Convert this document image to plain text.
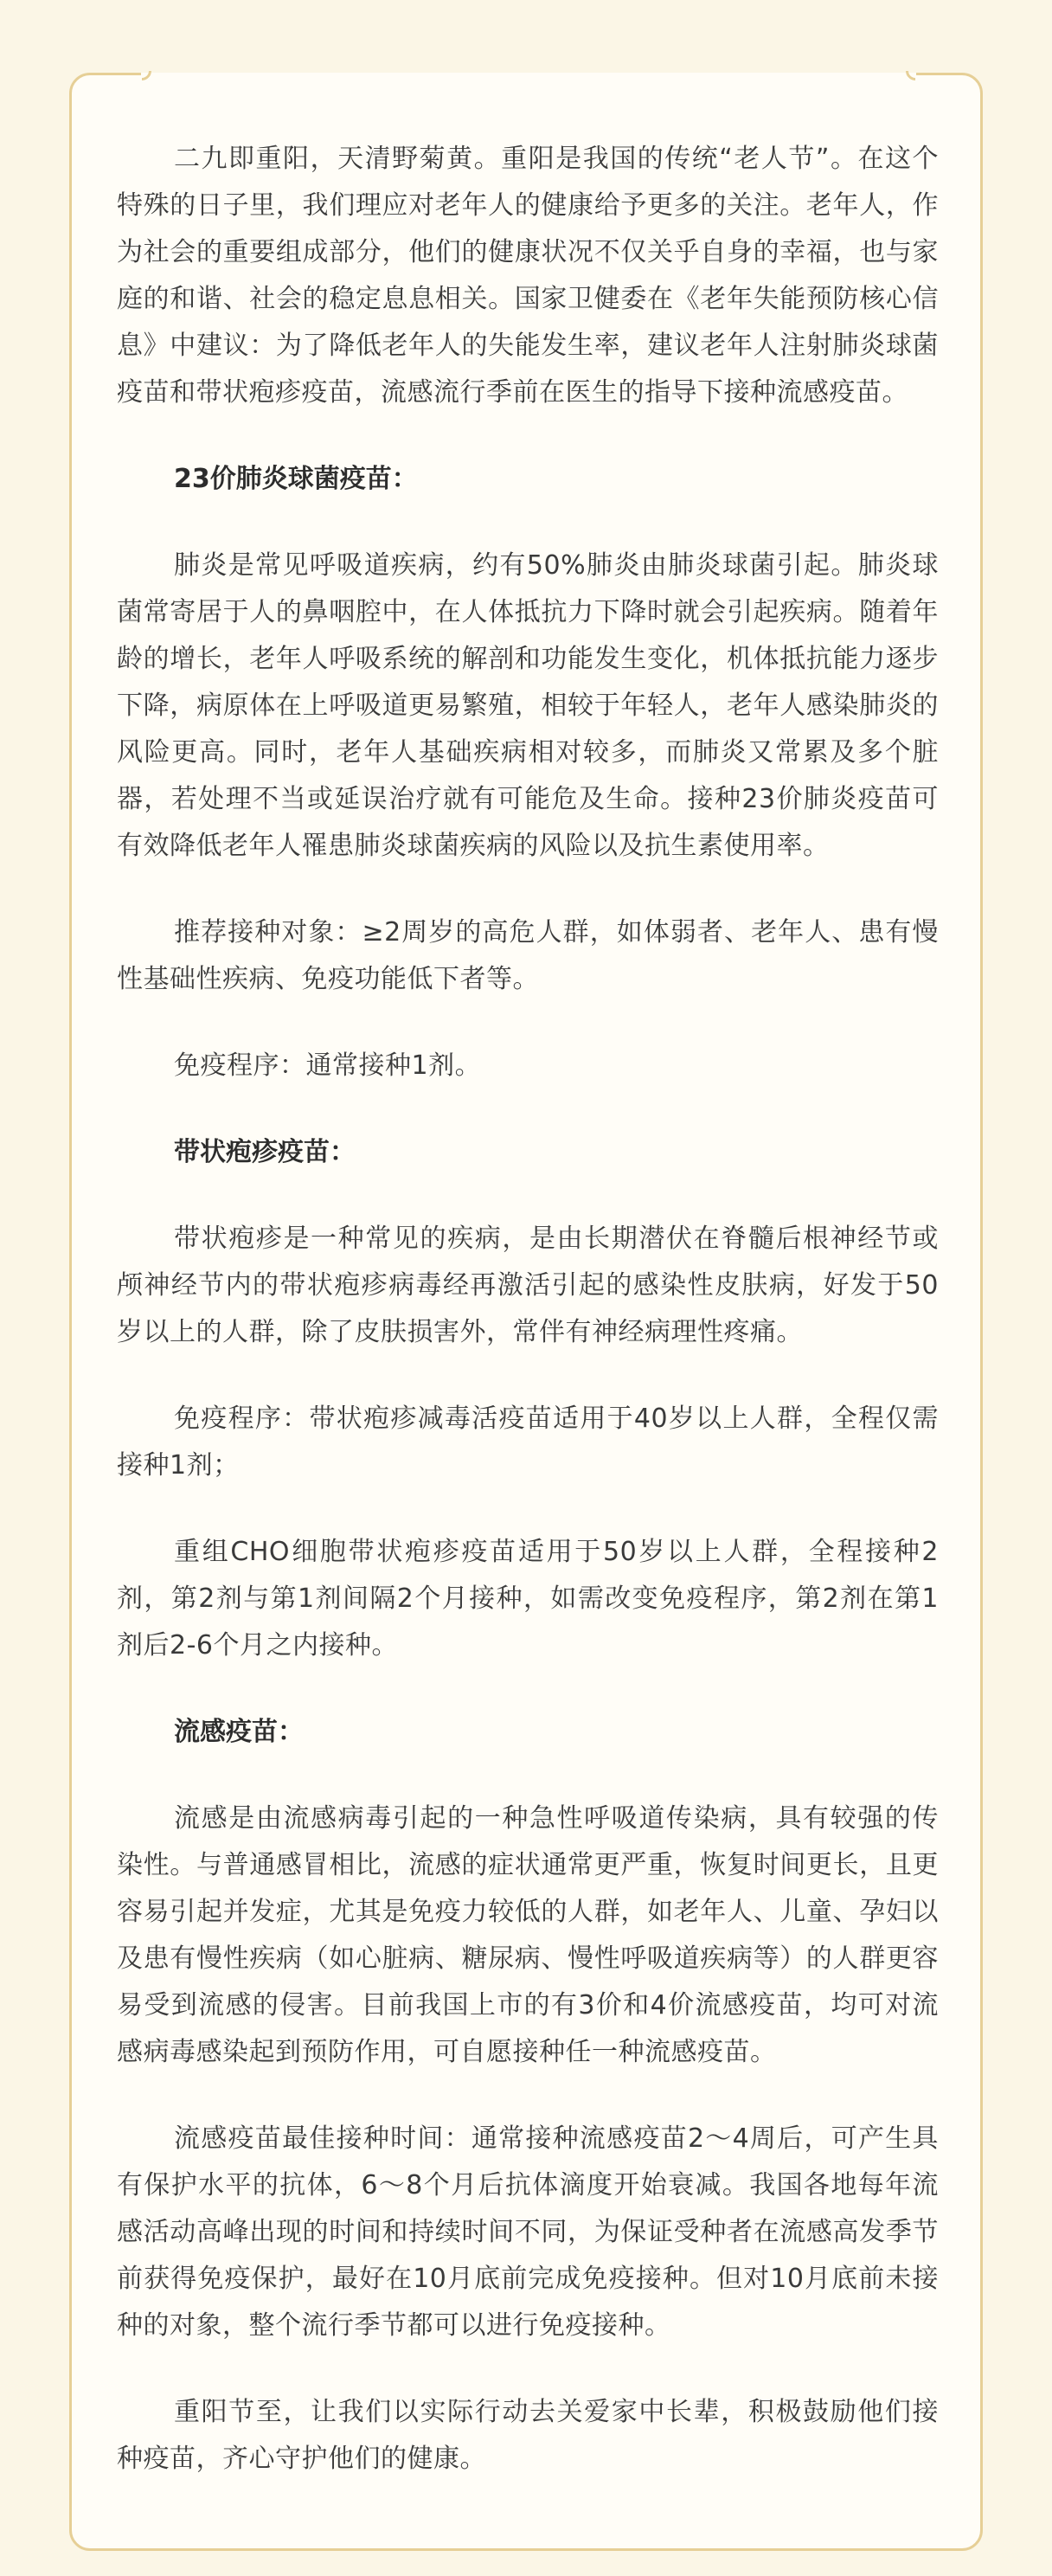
二九即重阳，天清野菊黄。重阳是我国的传统“老人节”。在这个特殊的日子里，我们理应对老年人的健康给予更多的关注。老年人，作为社会的重要组成部分，他们的健康状况不仅关乎自身的幸福，也与家庭的和谐、社会的稳定息息相关。国家卫健委在《老年失能预防核心信息》中建议：为了降低老年人的失能发生率，建议老年人注射肺炎球菌疫苗和带状疱疹疫苗，流感流行季前在医生的指导下接种流感疫苗。

23价肺炎球菌疫苗：

肺炎是常见呼吸道疾病，约有50%肺炎由肺炎球菌引起。肺炎球菌常寄居于人的鼻咽腔中，在人体抵抗力下降时就会引起疾病。随着年龄的增长，老年人呼吸系统的解剖和功能发生变化，机体抵抗能力逐步下降，病原体在上呼吸道更易繁殖，相较于年轻人，老年人感染肺炎的风险更高。同时，老年人基础疾病相对较多，而肺炎又常累及多个脏器，若处理不当或延误治疗就有可能危及生命。接种23价肺炎疫苗可有效降低老年人罹患肺炎球菌疾病的风险以及抗生素使用率。

推荐接种对象：≥2周岁的高危人群，如体弱者、老年人、患有慢性基础性疾病、免疫功能低下者等。

免疫程序：通常接种1剂。

带状疱疹疫苗：

带状疱疹是一种常见的疾病，是由长期潜伏在脊髓后根神经节或颅神经节内的带状疱疹病毒经再激活引起的感染性皮肤病，好发于50岁以上的人群，除了皮肤损害外，常伴有神经病理性疼痛。

免疫程序：带状疱疹减毒活疫苗适用于40岁以上人群，全程仅需接种1剂；

重组CHO细胞带状疱疹疫苗适用于50岁以上人群，全程接种2剂，第2剂与第1剂间隔2个月接种，如需改变免疫程序，第2剂在第1剂后2-6个月之内接种。

流感疫苗：

流感是由流感病毒引起的一种急性呼吸道传染病，具有较强的传染性。与普通感冒相比，流感的症状通常更严重，恢复时间更长，且更容易引起并发症，尤其是免疫力较低的人群，如老年人、儿童、孕妇以及患有慢性疾病（如心脏病、糖尿病、慢性呼吸道疾病等）的人群更容易受到流感的侵害。目前我国上市的有3价和4价流感疫苗，均可对流感病毒感染起到预防作用，可自愿接种任一种流感疫苗。

流感疫苗最佳接种时间：通常接种流感疫苗2～4周后，可产生具有保护水平的抗体，6～8个月后抗体滴度开始衰减。我国各地每年流感活动高峰出现的时间和持续时间不同，为保证受种者在流感高发季节前获得免疫保护，最好在10月底前完成免疫接种。但对10月底前未接种的对象，整个流行季节都可以进行免疫接种。

重阳节至，让我们以实际行动去关爱家中长辈，积极鼓励他们接种疫苗，齐心守护他们的健康。
